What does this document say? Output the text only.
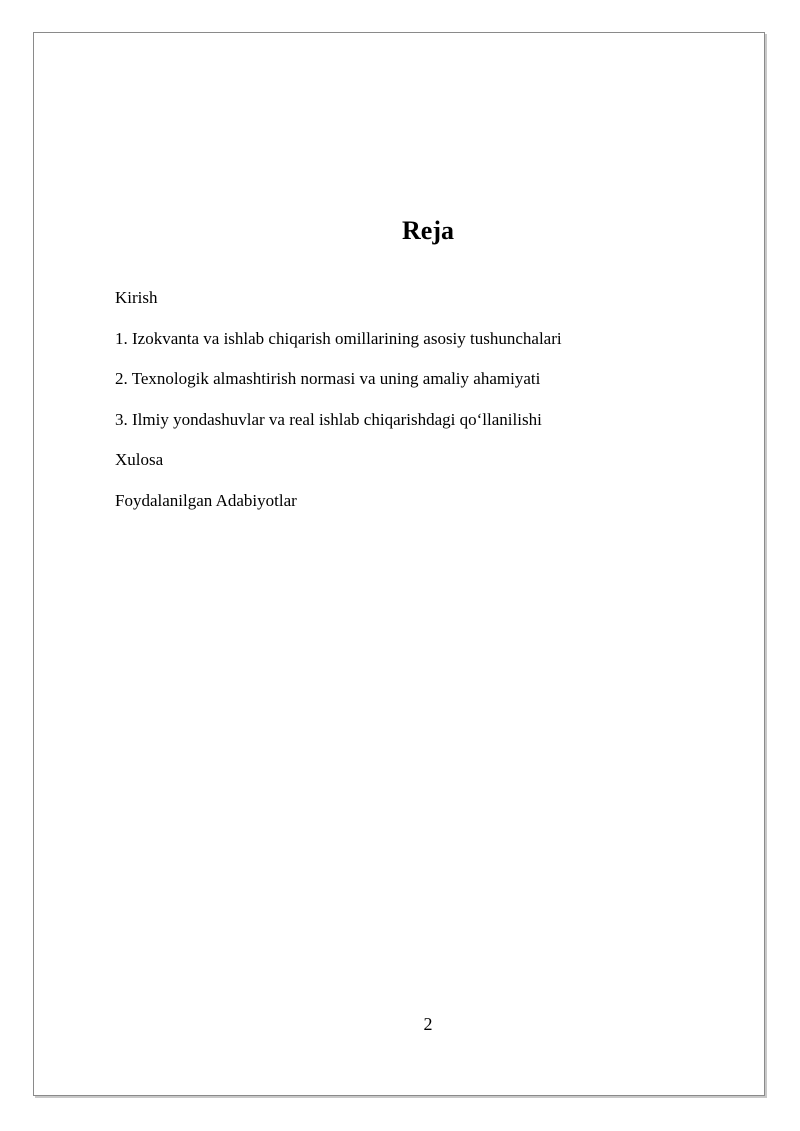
Reja
Kirish
1. Izokvanta va ishlab chiqarish omillarining asosiy tushunchalari
2. Texnologik almashtirish normasi va uning amaliy ahamiyati
3. Ilmiy yondashuvlar va real ishlab chiqarishdagi qo‘llanilishi
Xulosa
Foydalanilgan Adabiyotlar
2
